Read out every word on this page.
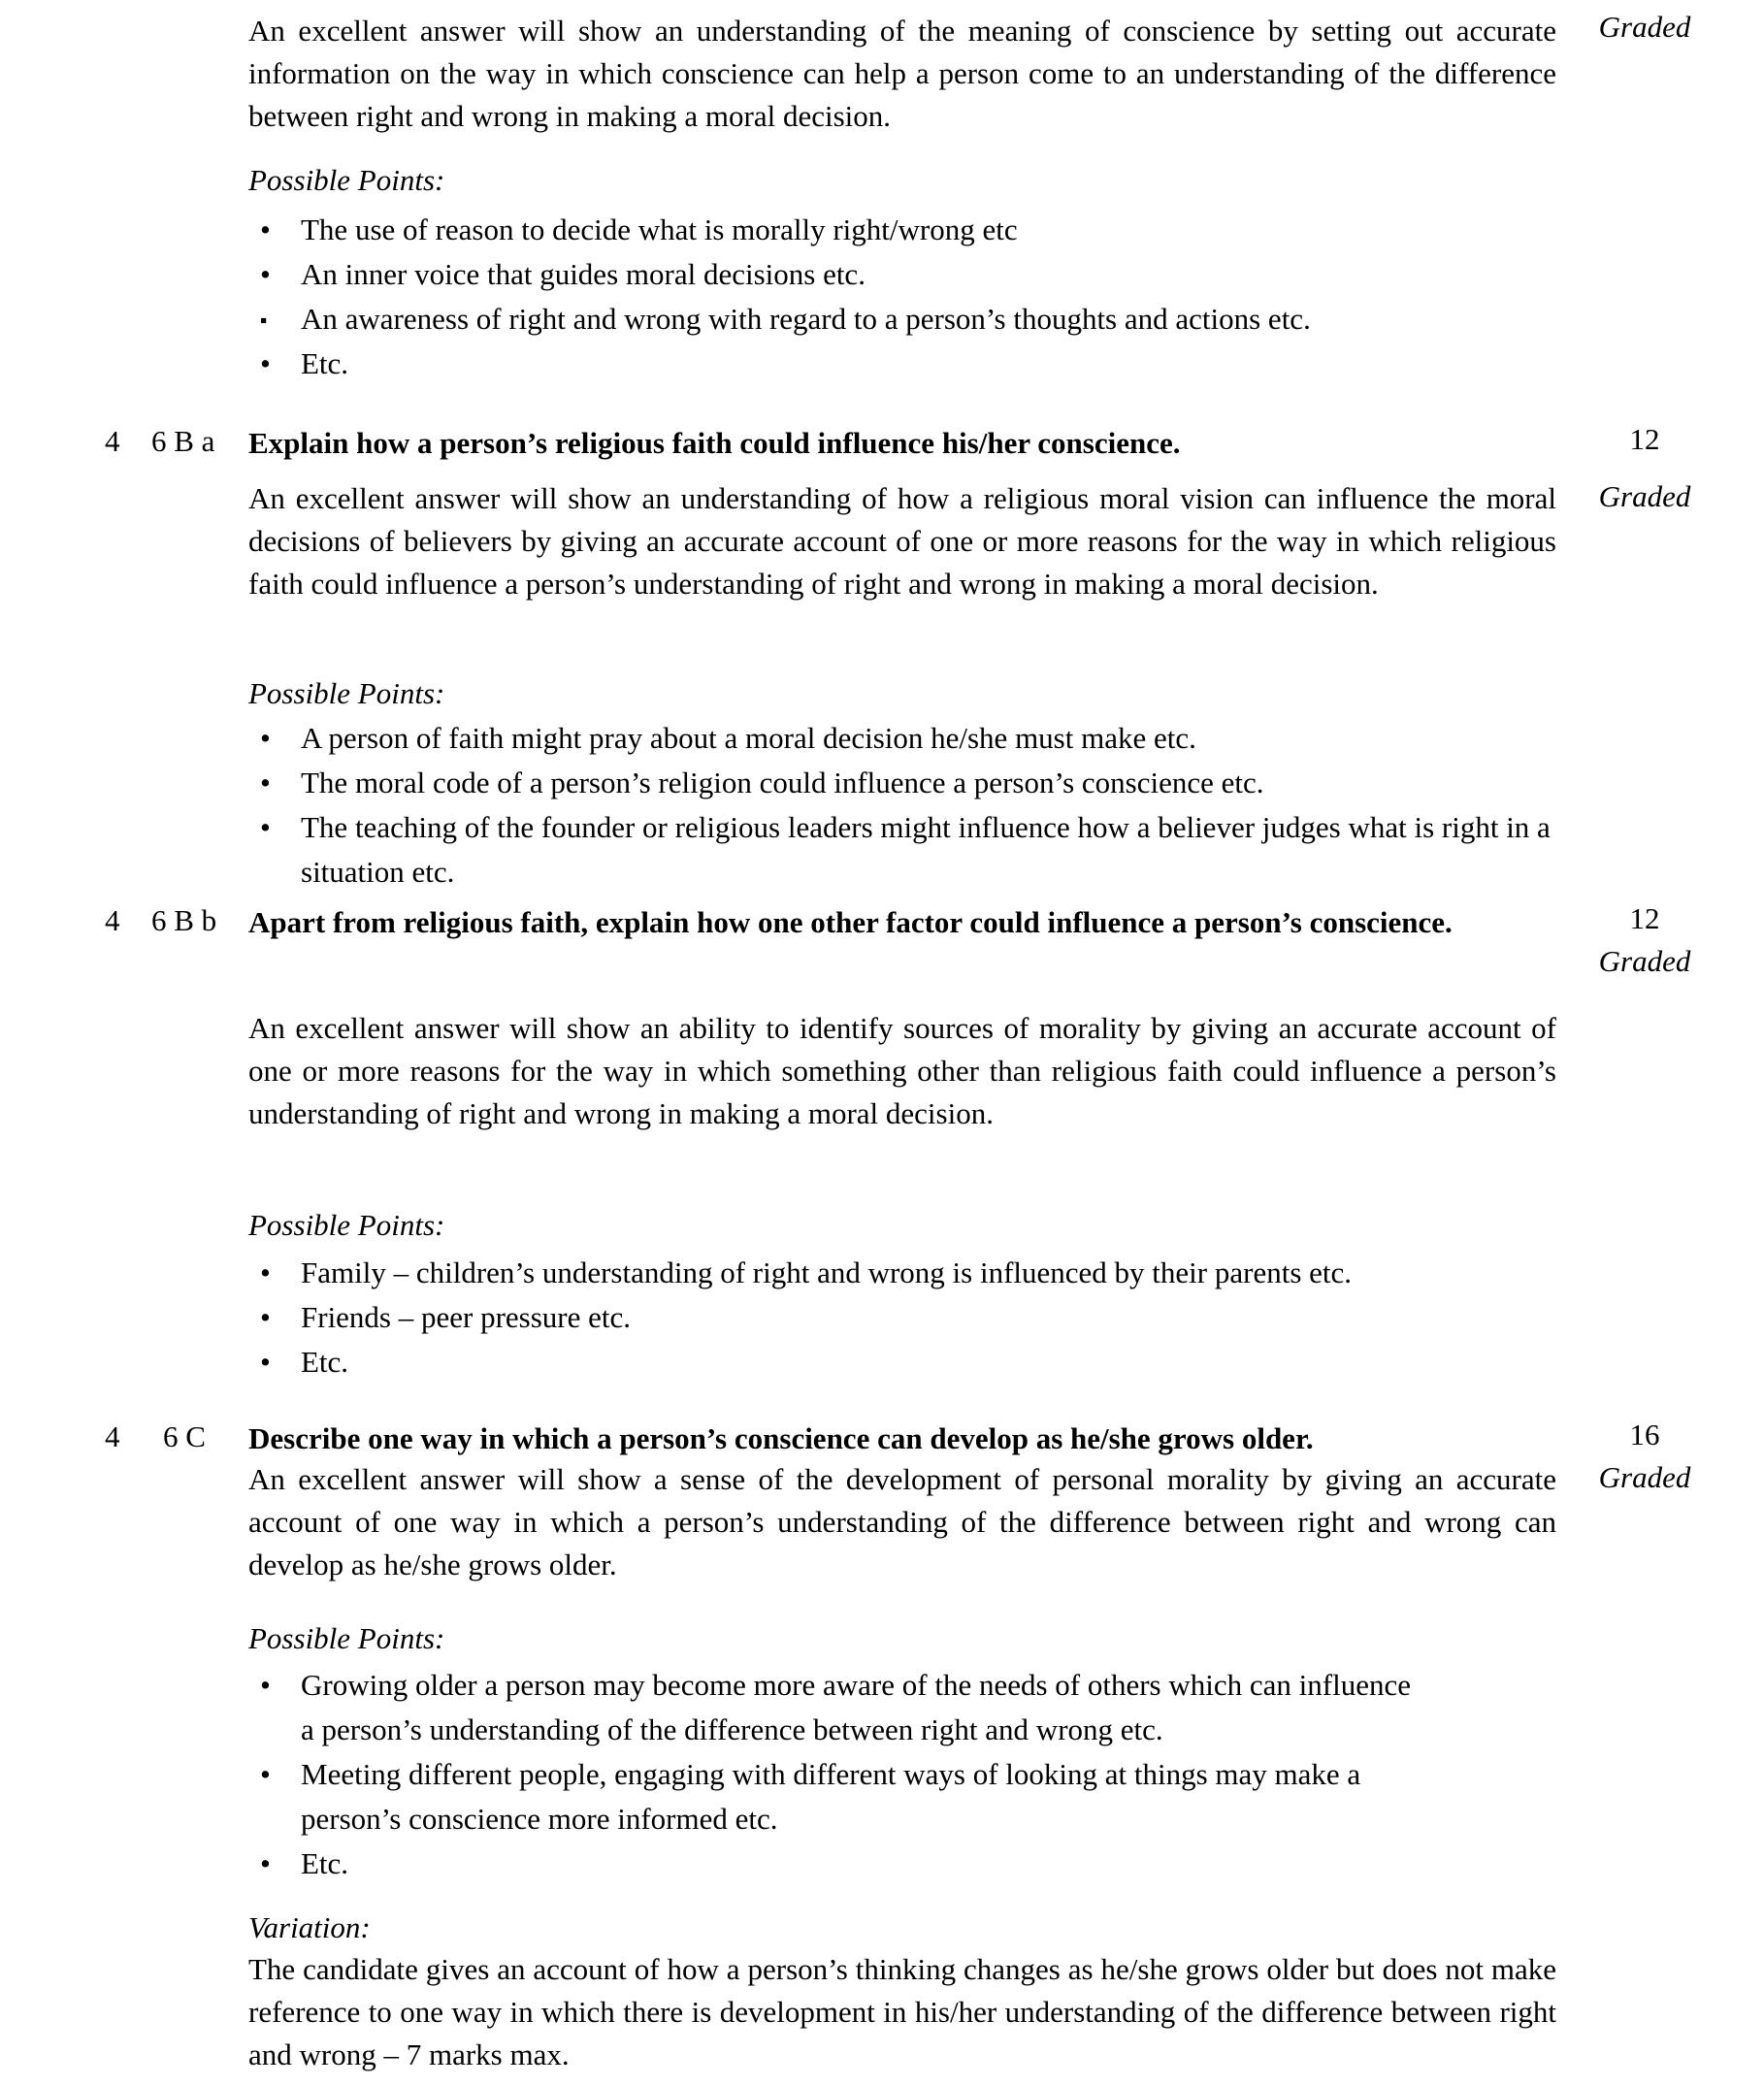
An excellent answer will show an understanding of the meaning of conscience by setting out accurate information on the way in which conscience can help a person come to an understanding of the difference between right and wrong in making a moral decision.
Graded
Possible Points:
• The use of reason to decide what is morally right/wrong etc
• An inner voice that guides moral decisions etc.
▪ An awareness of right and wrong with regard to a person’s thoughts and actions etc.
• Etc.
4 6 B a Explain how a person’s religious faith could influence his/her conscience.	12
An excellent answer will show an understanding of how a religious moral vision can influence the moral decisions of believers by giving an accurate account of one or more reasons for the way in which religious faith could influence a person’s understanding of right and wrong in making a moral decision.
Graded
Possible Points:
• A person of faith might pray about a moral decision he/she must make etc.
• The moral code of a person’s religion could influence a person’s conscience etc.
• The teaching of the founder or religious leaders might influence how a believer judges what is right in a situation etc.
4 6 B b Apart from religious faith, explain how one other factor could influence a person’s conscience.	12
Graded
An excellent answer will show an ability to identify sources of morality by giving an accurate account of one or more reasons for the way in which something other than religious faith could influence a person’s understanding of right and wrong in making a moral decision.
Possible Points:
• Family – children’s understanding of right and wrong is influenced by their parents etc.
• Friends – peer pressure etc.
• Etc.
4 6 C Describe one way in which a person’s conscience can develop as he/she grows older.	16
An excellent answer will show a sense of the development of personal morality by giving an accurate account of one way in which a person’s understanding of the difference between right and wrong can develop as he/she grows older.
Graded
Possible Points:
• Growing older a person may become more aware of the needs of others which can influence a person’s understanding of the difference between right and wrong etc.
• Meeting different people, engaging with different ways of looking at things may make a person’s conscience more informed etc.
• Etc.
Variation:
The candidate gives an account of how a person’s thinking changes as he/she grows older but does not make reference to one way in which there is development in his/her understanding of the difference between right and wrong – 7 marks max.
